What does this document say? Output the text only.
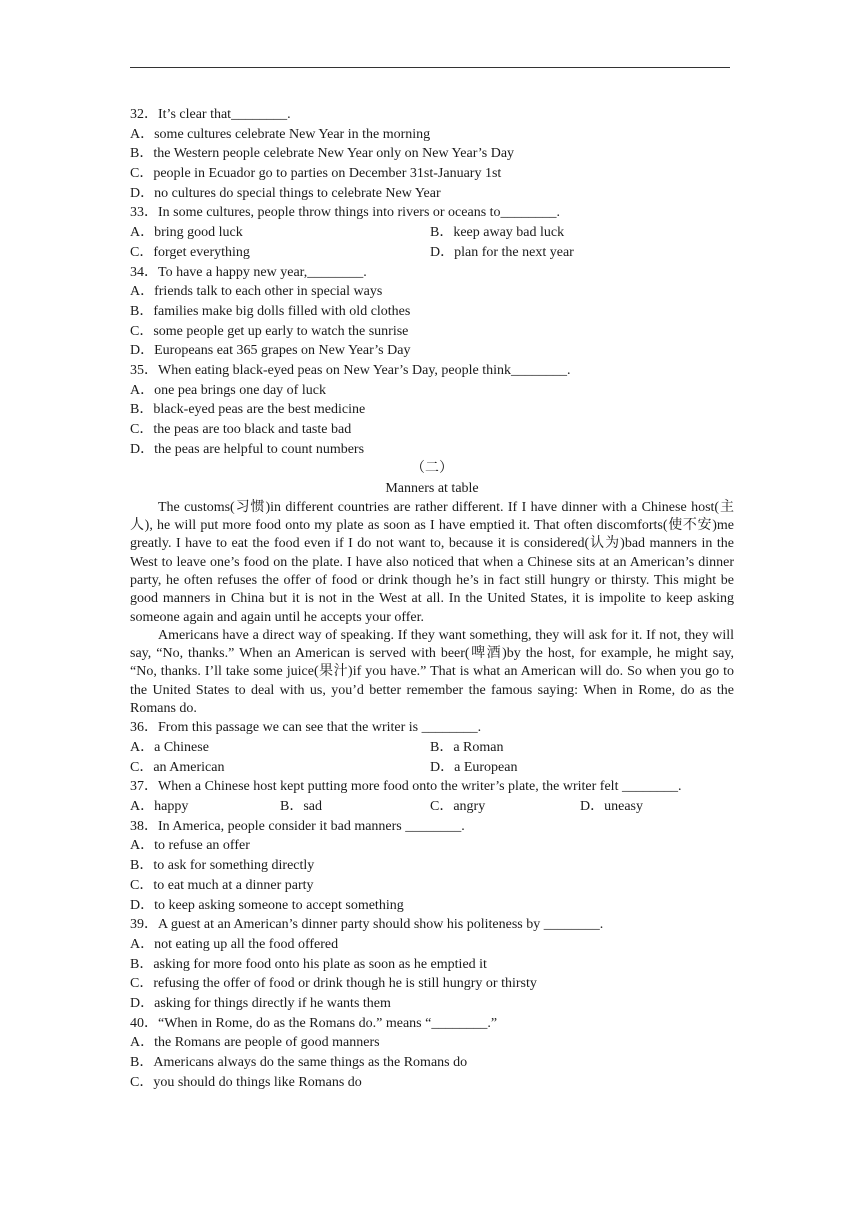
32．It’s clear that________.
A．some cultures celebrate New Year in the morning
B．the Western people celebrate New Year only on New Year’s Day
C．people in Ecuador go to parties on December 31st-January 1st
D．no cultures do special things to celebrate New Year
33．In some cultures, people throw things into rivers or oceans to________.
A．bring good luck	B．keep away bad luck
C．forget everything	D．plan for the next year
34．To have a happy new year,________.
A．friends talk to each other in special ways
B．families make big dolls filled with old clothes
C．some people get up early to watch the sunrise
D．Europeans eat 365 grapes on New Year’s Day
35．When eating black-eyed peas on New Year’s Day, people think________.
A．one pea brings one day of luck
B．black-eyed peas are the best medicine
C．the peas are too black and taste bad
D．the peas are helpful to count numbers
（二）
Manners at table

The customs(习惯)in different countries are rather different. If I have dinner with a Chinese host(主人), he will put more food onto my plate as soon as I have emptied it. That often discomforts(使不安)me greatly. I have to eat the food even if I do not want to, because it is considered(认为)bad manners in the West to leave one’s food on the plate. I have also noticed that when a Chinese sits at an American’s dinner party, he often refuses the offer of food or drink though he’s in fact still hungry or thirsty. This might be good manners in China but it is not in the West at all. In the United States, it is impolite to keep asking someone again and again until he accepts your offer.

Americans have a direct way of speaking. If they want something, they will ask for it. If not, they will say, “No, thanks.” When an American is served with beer(啤酒)by the host, for example, he might say, “No, thanks. I’ll take some juice(果汁)if you have.” That is what an American will do. So when you go to the United States to deal with us, you’d better remember the famous saying: When in Rome, do as the Romans do.

36．From this passage we can see that the writer is ________.
A．a Chinese	B．a Roman
C．an American	D．a European
37．When a Chinese host kept putting more food onto the writer’s plate, the writer felt ________.
A．happy	B．sad	C．angry	D．uneasy
38．In America, people consider it bad manners ________.
A．to refuse an offer
B．to ask for something directly
C．to eat much at a dinner party
D．to keep asking someone to accept something
39．A guest at an American’s dinner party should show his politeness by ________.
A．not eating up all the food offered
B．asking for more food onto his plate as soon as he emptied it
C．refusing the offer of food or drink though he is still hungry or thirsty
D．asking for things directly if he wants them
40．“When in Rome, do as the Romans do.” means “________.”
A．the Romans are people of good manners
B．Americans always do the same things as the Romans do
C．you should do things like Romans do
